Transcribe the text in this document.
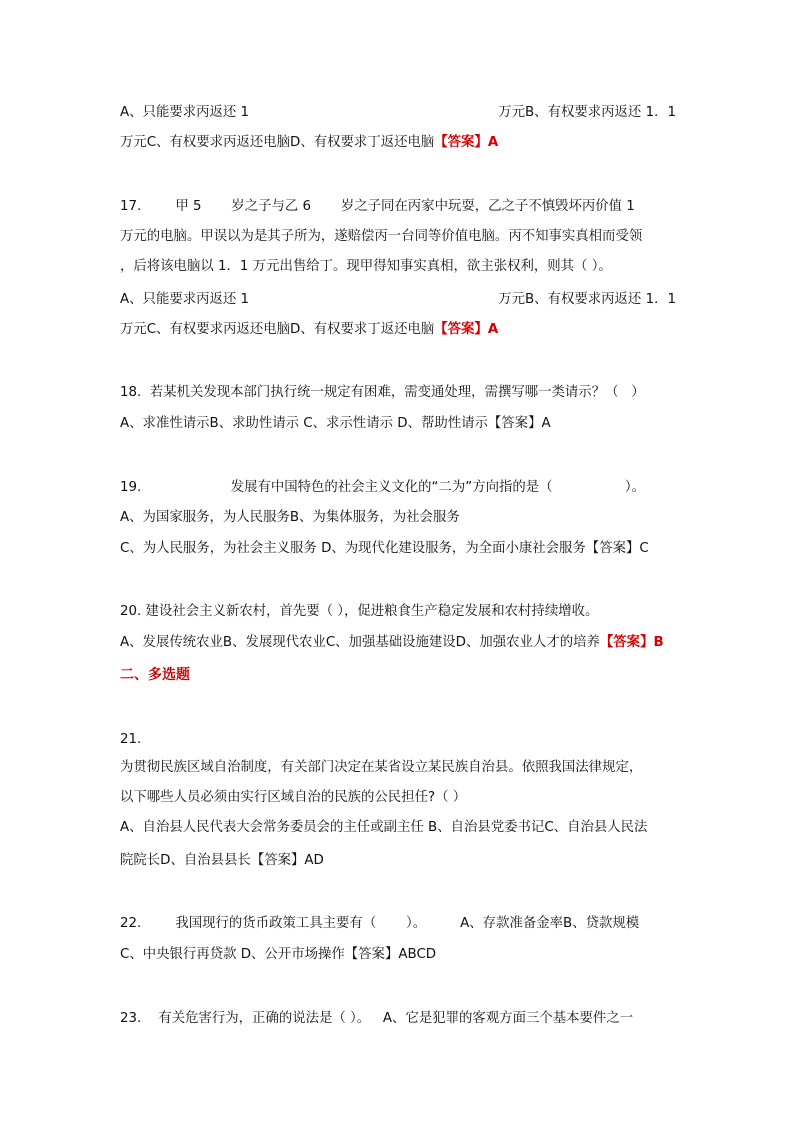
A、只能要求丙返还 1	万元B、有权要求丙返还 1．1
万元C、有权要求丙返还电脑D、有权要求丁返还电脑【答案】A
17.        甲 5       岁之子与乙 6       岁之子同在丙家中玩耍，乙之子不慎毁坏丙价值 1
万元的电脑。甲误以为是其子所为，遂赔偿丙一台同等价值电脑。丙不知事实真相而受领
，后将该电脑以 1．1 万元出售给丁。现甲得知事实真相，欲主张权利，则其（ ）。
A、只能要求丙返还 1	万元B、有权要求丙返还 1．1
万元C、有权要求丙返还电脑D、有权要求丁返还电脑【答案】A
18.  若某机关发现本部门执行统一规定有困难，需变通处理，需撰写哪一类请示？（   ）
A、求准性请示B、求助性请示 C、求示性请示 D、帮助性请示【答案】A
19.                     发展有中国特色的社会主义文化的“二为”方向指的是（                 ）。
A、为国家服务，为人民服务B、为集体服务，为社会服务
C、为人民服务，为社会主义服务 D、为现代化建设服务，为全面小康社会服务【答案】C
20. 建设社会主义新农村，首先要（ ），促进粮食生产稳定发展和农村持续增收。
A、发展传统农业B、发展现代农业C、加强基础设施建设D、加强农业人才的培养【答案】B
二、多选题
21.
为贯彻民族区域自治制度，有关部门决定在某省设立某民族自治县。依照我国法律规定，
以下哪些人员必须由实行区域自治的民族的公民担任?（ ）
A、自治县人民代表大会常务委员会的主任或副主任 B、自治县党委书记C、自治县人民法
院院长D、自治县县长【答案】AD
22.        我国现行的货币政策工具主要有（       ）。        A、存款准备金率B、贷款规模
C、中央银行再贷款 D、公开市场操作【答案】ABCD
23.    有关危害行为，正确的说法是（ ）。   A、它是犯罪的客观方面三个基本要件之一
